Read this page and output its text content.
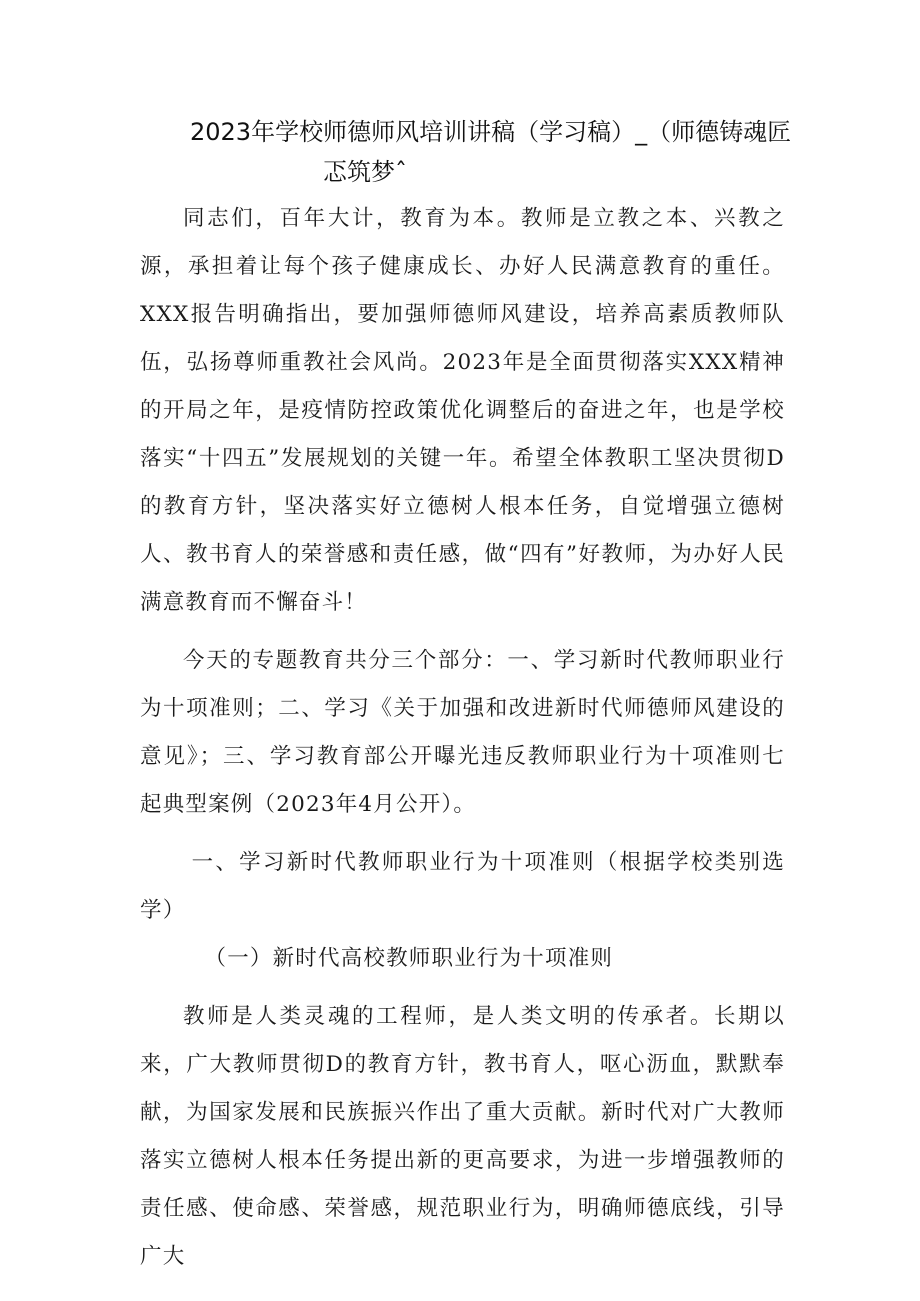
2023年学校师德师风培训讲稿（学习稿）_（师德铸魂匠
忑筑梦ˆ

同志们，百年大计，教育为本。教师是立教之本、兴教之源，承担着让每个孩子健康成长、办好人民满意教育的重任。XXX报告明确指出，要加强师德师风建设，培养高素质教师队伍，弘扬尊师重教社会风尚。2023年是全面贯彻落实XXX精神的开局之年，是疫情防控政策优化调整后的奋进之年，也是学校落实“十四五”发展规划的关键一年。希望全体教职工坚决贯彻D的教育方针，坚决落实好立德树人根本任务，自觉增强立德树人、教书育人的荣誉感和责任感，做“四有”好教师，为办好人民满意教育而不懈奋斗！

今天的专题教育共分三个部分：一、学习新时代教师职业行为十项准则；二、学习《关于加强和改进新时代师德师风建设的意见》；三、学习教育部公开曝光违反教师职业行为十项准则七起典型案例（2023年4月公开）。

一、学习新时代教师职业行为十项准则（根据学校类别选学）

（一）新时代高校教师职业行为十项准则

教师是人类灵魂的工程师，是人类文明的传承者。长期以来，广大教师贯彻D的教育方针，教书育人，呕心沥血，默默奉献，为国家发展和民族振兴作出了重大贡献。新时代对广大教师落实立德树人根本任务提出新的更高要求，为进一步增强教师的责任感、使命感、荣誉感，规范职业行为，明确师德底线，引导广大
